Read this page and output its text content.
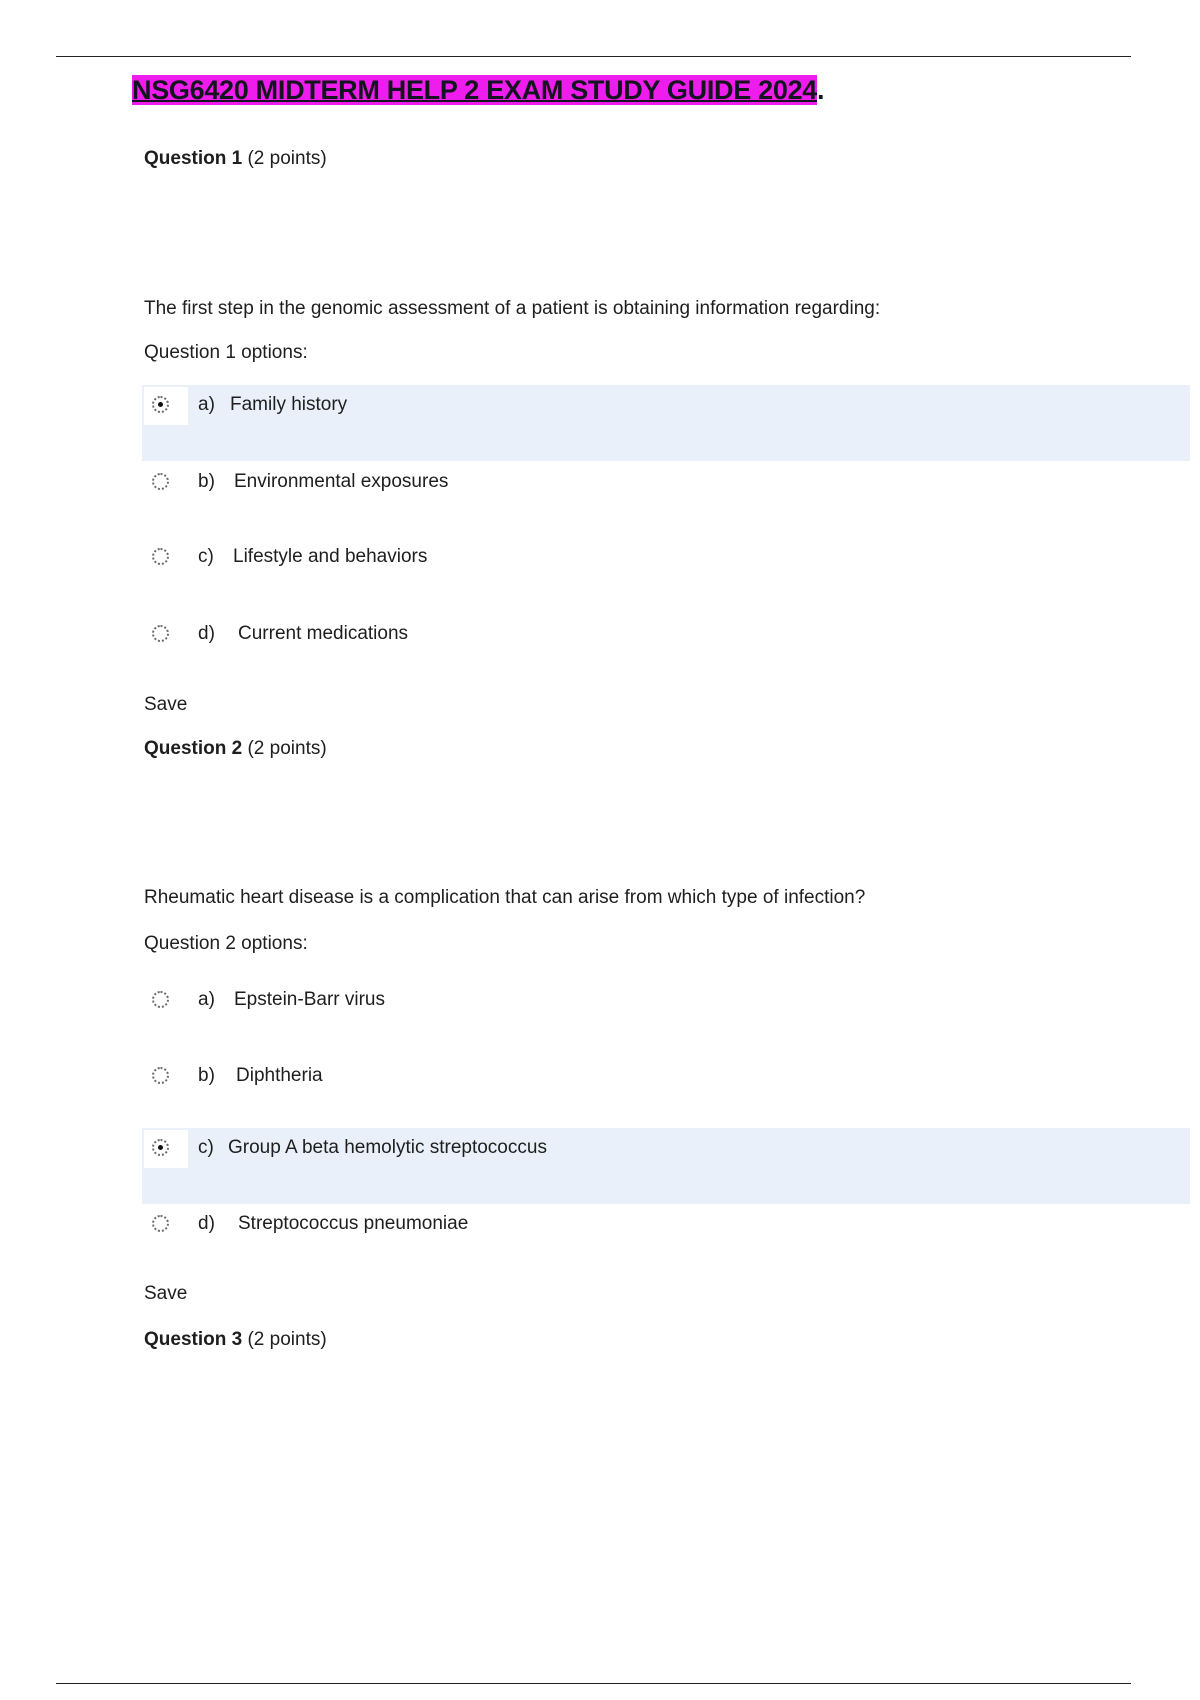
NSG6420 MIDTERM HELP 2 EXAM STUDY GUIDE 2024.
Question 1 (2 points)
The first step in the genomic assessment of a patient is obtaining information regarding:
Question 1 options:
a) Family history
b) Environmental exposures
c) Lifestyle and behaviors
d) Current medications
Save
Question 2 (2 points)
Rheumatic heart disease is a complication that can arise from which type of infection?
Question 2 options:
a) Epstein-Barr virus
b) Diphtheria
c) Group A beta hemolytic streptococcus
d) Streptococcus pneumoniae
Save
Question 3 (2 points)
